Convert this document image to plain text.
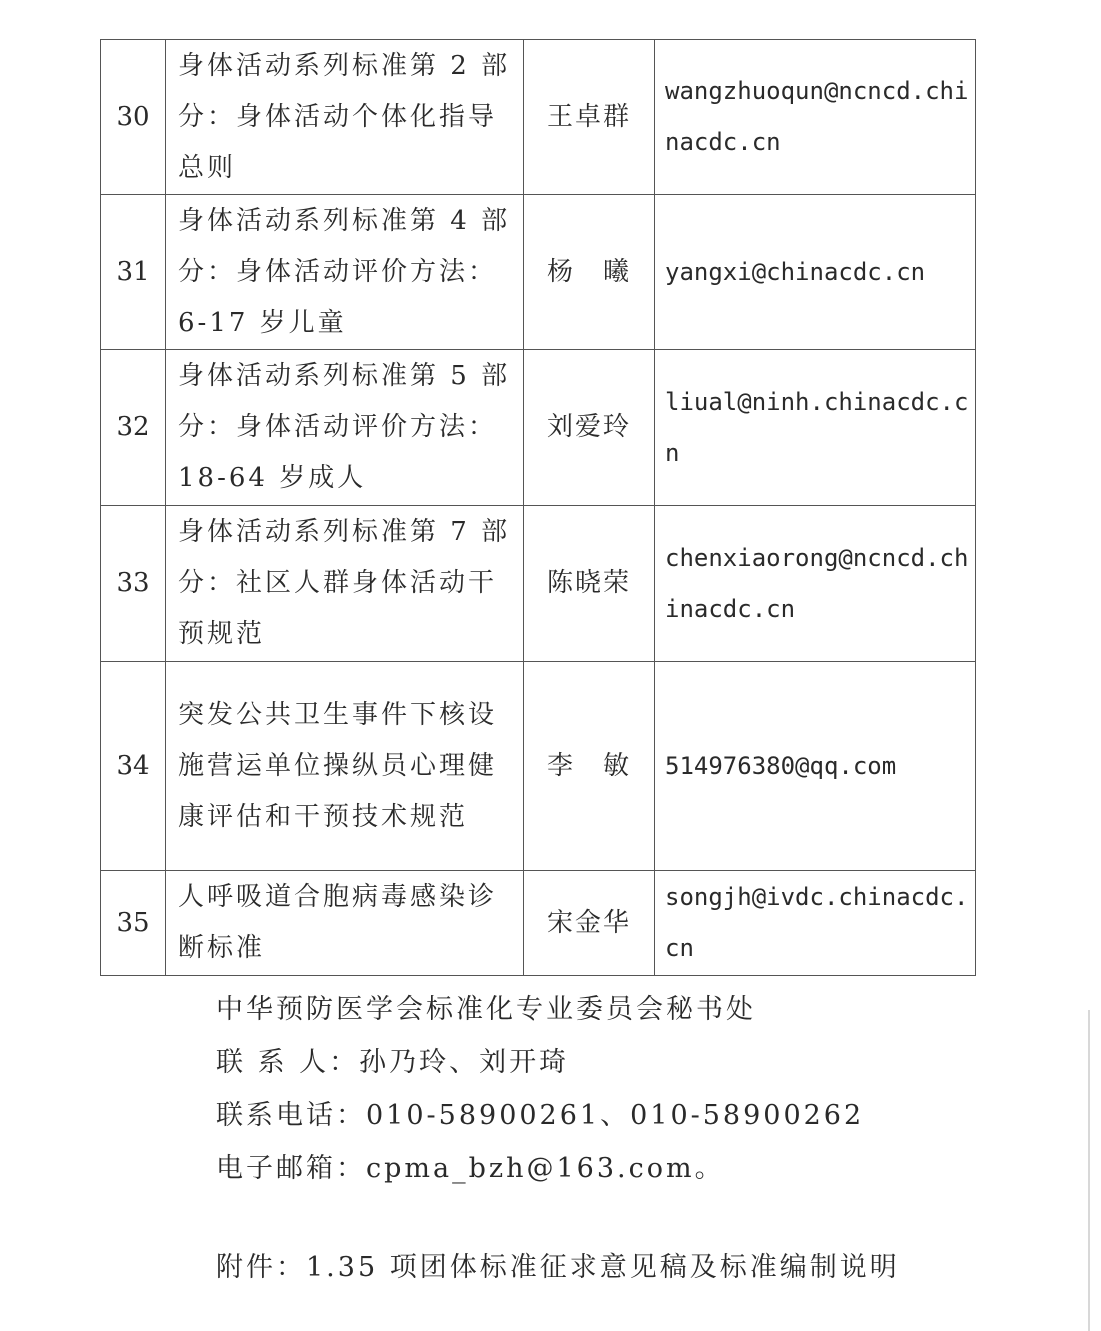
30	身体活动系列标准第 2 部分：身体活动个体化指导总则	王卓群	wangzhuoqun@ncncd.chinacdc.cn
31	身体活动系列标准第 4 部分：身体活动评价方法：6-17 岁儿童	杨　曦	yangxi@chinacdc.cn
32	身体活动系列标准第 5 部分：身体活动评价方法：18-64 岁成人	刘爱玲	liual@ninh.chinacdc.cn
33	身体活动系列标准第 7 部分：社区人群身体活动干预规范	陈晓荣	chenxiaorong@ncncd.chinacdc.cn
34	突发公共卫生事件下核设施营运单位操纵员心理健康评估和干预技术规范	李　敏	514976380@qq.com
35	人呼吸道合胞病毒感染诊断标准	宋金华	songjh@ivdc.chinacdc.cn
中华预防医学会标准化专业委员会秘书处
联 系 人：孙乃玲、刘开琦
联系电话：010-58900261、010-58900262
电子邮箱：cpma_bzh@163.com。
附件：1.35 项团体标准征求意见稿及标准编制说明
